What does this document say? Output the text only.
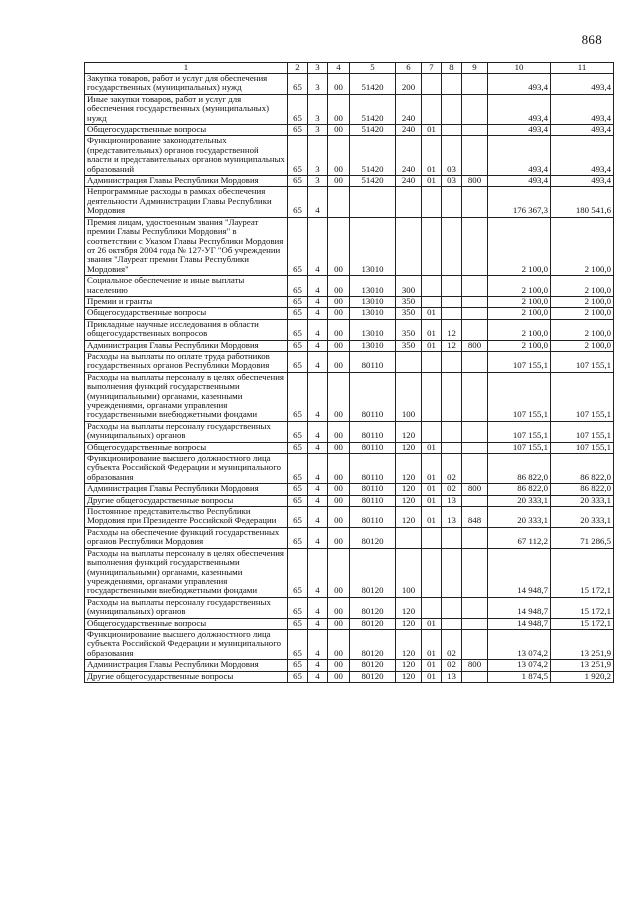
868
1	2	3	4	5	6	7	8	9	10	11
Закупка товаров, работ и услуг для обеспечения государственных (муниципальных) нужд	65	3	00	51420	200				493,4	493,4
Иные закупки товаров, работ и услуг для обеспечения государственных (муниципальных) нужд	65	3	00	51420	240				493,4	493,4
Общегосударственные вопросы	65	3	00	51420	240	01			493,4	493,4
Функционирование законодательных (представительных) органов государственной власти и представительных органов муниципальных образований	65	3	00	51420	240	01	03		493,4	493,4
Администрация Главы Республики Мордовия	65	3	00	51420	240	01	03	800	493,4	493,4
Непрограммные расходы в рамках обеспечения деятельности Администрации Главы Республики Мордовия	65	4							176 367,3	180 541,6
Премия лицам, удостоенным звания "Лауреат премии Главы Республики Мордовия" в соответствии с Указом Главы Республики Мордовия от 26 октября 2004 года № 127-УГ "Об учреждении звания "Лауреат премии Главы Республики Мордовия"	65	4	00	13010					2 100,0	2 100,0
Социальное обеспечение и иные выплаты населению	65	4	00	13010	300				2 100,0	2 100,0
Премии и гранты	65	4	00	13010	350				2 100,0	2 100,0
Общегосударственные вопросы	65	4	00	13010	350	01			2 100,0	2 100,0
Прикладные научные исследования в области общегосударственных вопросов	65	4	00	13010	350	01	12		2 100,0	2 100,0
Администрация Главы Республики Мордовия	65	4	00	13010	350	01	12	800	2 100,0	2 100,0
Расходы на выплаты по оплате труда работников государственных органов Республики Мордовия	65	4	00	80110					107 155,1	107 155,1
Расходы на выплаты персоналу в целях обеспечения выполнения функций государственными (муниципальными) органами, казенными учреждениями, органами управления государственными внебюджетными фондами	65	4	00	80110	100				107 155,1	107 155,1
Расходы на выплаты персоналу государственных (муниципальных) органов	65	4	00	80110	120				107 155,1	107 155,1
Общегосударственные вопросы	65	4	00	80110	120	01			107 155,1	107 155,1
Функционирование высшего должностного лица субъекта Российской Федерации и муниципального образования	65	4	00	80110	120	01	02		86 822,0	86 822,0
Администрация Главы Республики Мордовия	65	4	00	80110	120	01	02	800	86 822,0	86 822,0
Другие общегосударственные вопросы	65	4	00	80110	120	01	13		20 333,1	20 333,1
Постоянное представительство Республики Мордовия при Президенте Российской Федерации	65	4	00	80110	120	01	13	848	20 333,1	20 333,1
Расходы на обеспечение функций государственных органов Республики Мордовия	65	4	00	80120					67 112,2	71 286,5
Расходы на выплаты персоналу в целях обеспечения выполнения функций государственными (муниципальными) органами, казенными учреждениями, органами управления государственными внебюджетными фондами	65	4	00	80120	100				14 948,7	15 172,1
Расходы на выплаты персоналу государственных (муниципальных) органов	65	4	00	80120	120				14 948,7	15 172,1
Общегосударственные вопросы	65	4	00	80120	120	01			14 948,7	15 172,1
Функционирование высшего должностного лица субъекта Российской Федерации и муниципального образования	65	4	00	80120	120	01	02		13 074,2	13 251,9
Администрация Главы Республики Мордовия	65	4	00	80120	120	01	02	800	13 074,2	13 251,9
Другие общегосударственные вопросы	65	4	00	80120	120	01	13		1 874,5	1 920,2
